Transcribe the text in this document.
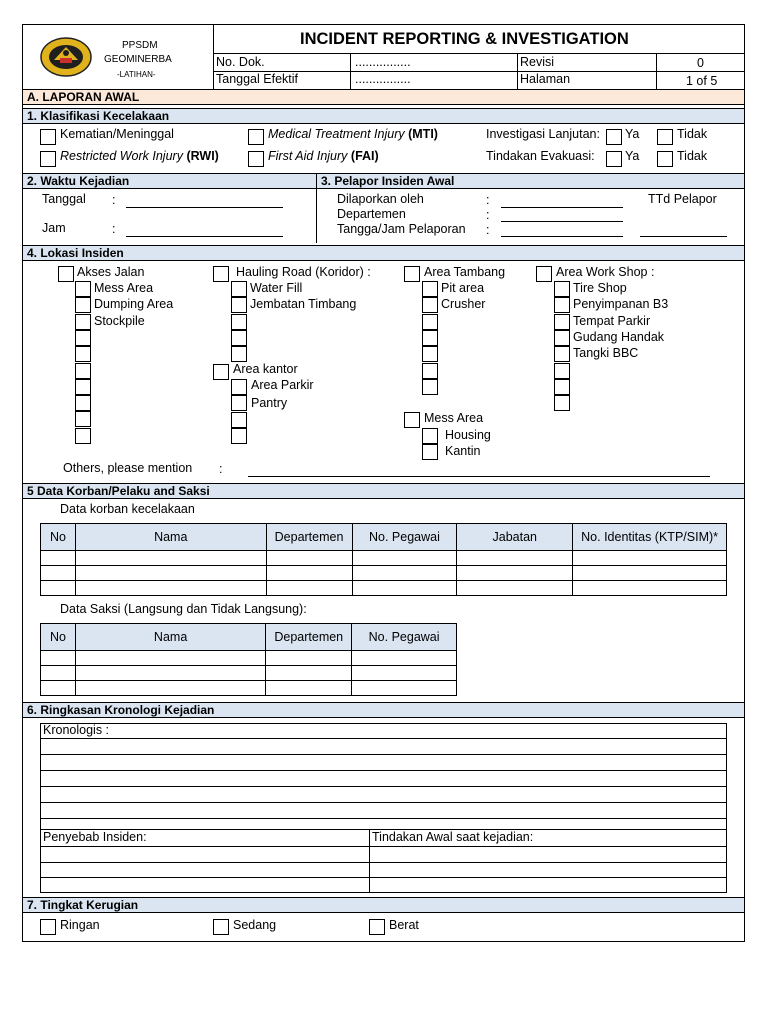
PPSDM
GEOMINERBA
-LATIHAN-
INCIDENT REPORTING & INVESTIGATION
No. Dok.	................	Revisi	0
Tanggal Efektif	................	Halaman	1 of 5
A. LAPORAN AWAL
1. Klasifikasi Kecelakaan
Kematian/Meninggal	Medical Treatment Injury (MTI)	Investigasi Lanjutan: Ya	Tidak
Restricted Work Injury (RWI)	First Aid Injury (FAI)	Tindakan Evakuasi: Ya	Tidak
2. Waktu Kejadian	3. Pelapor Insiden Awal
Tanggal :
Jam	:
Dilaporkan oleh	:
Departemen	:
Tangga/Jam Pelaporan :
TTd Pelapor
4. Lokasi Insiden
Akses Jalan
Mess Area
Dumping Area
Stockpile
Hauling Road (Koridor) :
Water Fill
Jembatan Timbang
Area kantor
Area Parkir
Pantry
Area Tambang
Pit area
Crusher
Mess Area
Housing
Kantin
Area Work Shop :
Tire Shop
Penyimpanan B3
Tempat Parkir
Gudang Handak
Tangki BBC
Others, please mention :
5 Data Korban/Pelaku and Saksi
Data korban kecelakaan
No	Nama	Departemen	No. Pegawai	Jabatan	No. Identitas (KTP/SIM)*

Data Saksi (Langsung dan Tidak Langsung):
No	Nama	Departemen	No. Pegawai

6. Ringkasan Kronologi Kejadian
Kronologis :
Penyebab Insiden:	Tindakan Awal saat kejadian:
7. Tingkat Kerugian
Ringan	Sedang	Berat
